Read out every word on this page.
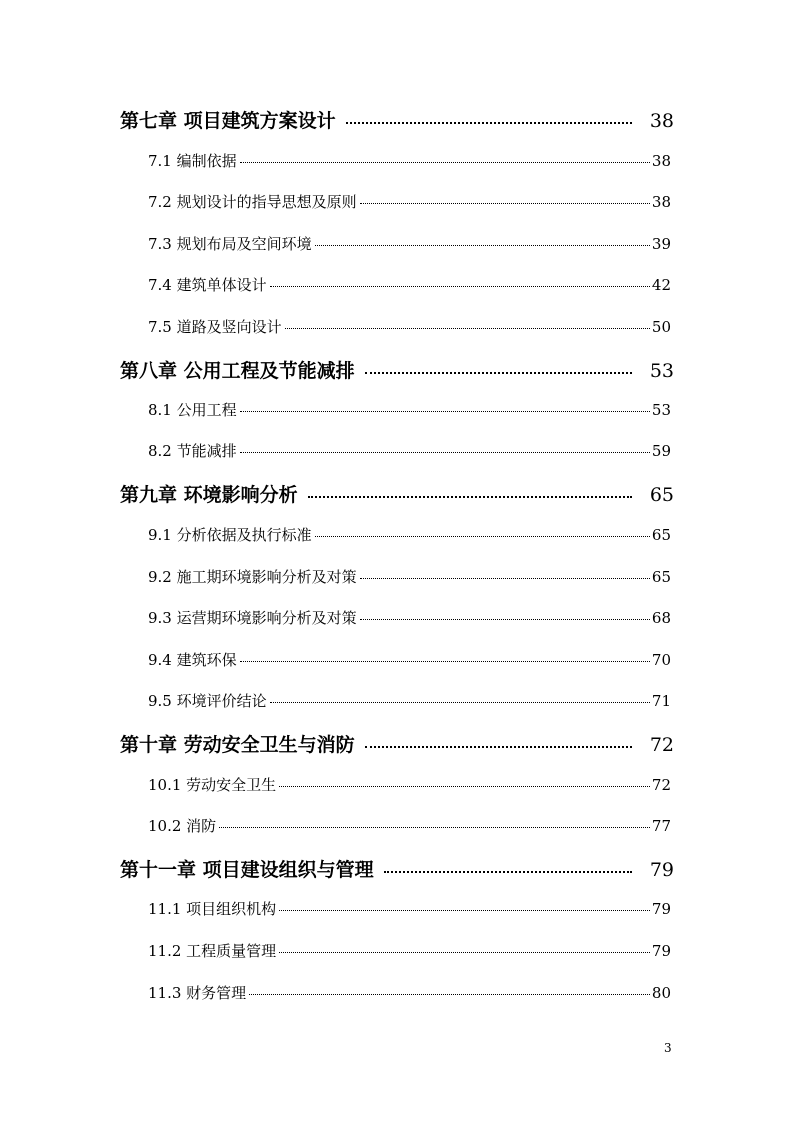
第七章 项目建筑方案设计	38
7.1 编制依据	38
7.2 规划设计的指导思想及原则	38
7.3 规划布局及空间环境	39
7.4 建筑单体设计	42
7.5 道路及竖向设计	50
第八章 公用工程及节能减排	53
8.1 公用工程	53
8.2 节能减排	59
第九章 环境影响分析	65
9.1 分析依据及执行标准	65
9.2 施工期环境影响分析及对策	65
9.3 运营期环境影响分析及对策	68
9.4 建筑环保	70
9.5 环境评价结论	71
第十章 劳动安全卫生与消防	72
10.1 劳动安全卫生	72
10.2 消防	77
第十一章 项目建设组织与管理	79
11.1 项目组织机构	79
11.2 工程质量管理	79
11.3 财务管理	80
3
